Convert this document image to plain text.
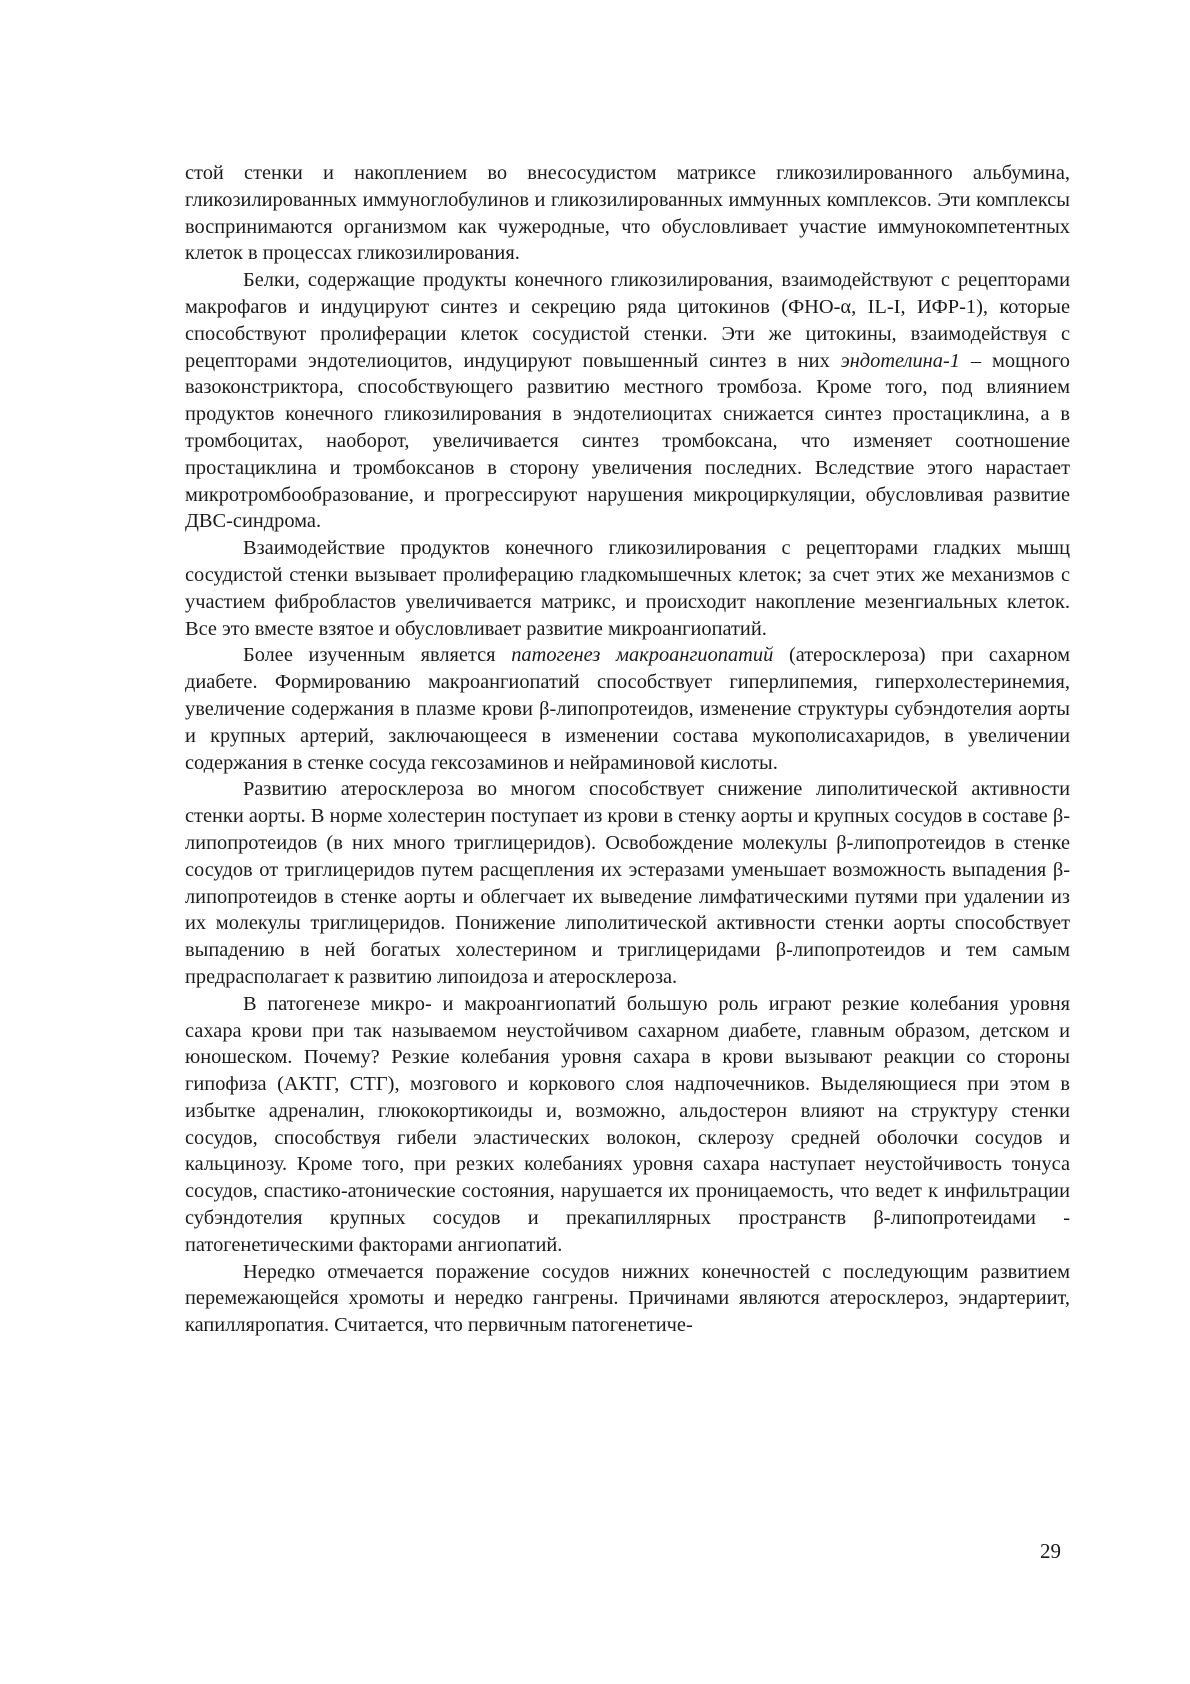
стой стенки и накоплением во внесосудистом матриксе гликозилированного альбумина, гликозилированных иммуноглобулинов и гликозилированных иммунных комплексов. Эти комплексы воспринимаются организмом как чужеродные, что обусловливает участие иммунокомпетентных клеток в процессах гликозилирования.

Белки, содержащие продукты конечного гликозилирования, взаимодействуют с рецепторами макрофагов и индуцируют синтез и секрецию ряда цитокинов (ФНО-α, IL-I, ИФР-1), которые способствуют пролиферации клеток сосудистой стенки. Эти же цитокины, взаимодействуя с рецепторами эндотелиоцитов, индуцируют повышенный синтез в них эндотелина-1 – мощного вазоконстриктора, способствующего развитию местного тромбоза. Кроме того, под влиянием продуктов конечного гликозилирования в эндотелиоцитах снижается синтез простациклина, а в тромбоцитах, наоборот, увеличивается синтез тромбоксана, что изменяет соотношение простациклина и тромбоксанов в сторону увеличения последних. Вследствие этого нарастает микротромбообразование, и прогрессируют нарушения микроциркуляции, обусловливая развитие ДВС-синдрома.

Взаимодействие продуктов конечного гликозилирования с рецепторами гладких мышц сосудистой стенки вызывает пролиферацию гладкомышечных клеток; за счет этих же механизмов с участием фибробластов увеличивается матрикс, и происходит накопление мезенгиальных клеток. Все это вместе взятое и обусловливает развитие микроангиопатий.

Более изученным является патогенез макроангиопатий (атеросклероза) при сахарном диабете. Формированию макроангиопатий способствует гиперлипемия, гиперхолестеринемия, увеличение содержания в плазме крови β-липопротеидов, изменение структуры субэндотелия аорты и крупных артерий, заключающееся в изменении состава мукополисахаридов, в увеличении содержания в стенке сосуда гексозаминов и нейраминовой кислоты.

Развитию атеросклероза во многом способствует снижение липолитической активности стенки аорты. В норме холестерин поступает из крови в стенку аорты и крупных сосудов в составе β-липопротеидов (в них много триглицеридов). Освобождение молекулы β-липопротеидов в стенке сосудов от триглицеридов путем расщепления их эстеразами уменьшает возможность выпадения β-липопротеидов в стенке аорты и облегчает их выведение лимфатическими путями при удалении из их молекулы триглицеридов. Понижение липолитической активности стенки аорты способствует выпадению в ней богатых холестерином и триглицеридами β-липопротеидов и тем самым предрасполагает к развитию липоидоза и атеросклероза.

В патогенезе микро- и макроангиопатий большую роль играют резкие колебания уровня сахара крови при так называемом неустойчивом сахарном диабете, главным образом, детском и юношеском. Почему? Резкие колебания уровня сахара в крови вызывают реакции со стороны гипофиза (АКТГ, СТГ), мозгового и коркового слоя надпочечников. Выделяющиеся при этом в избытке адреналин, глюкокортикоиды и, возможно, альдостерон влияют на структуру стенки сосудов, способствуя гибели эластических волокон, склерозу средней оболочки сосудов и кальцинозу. Кроме того, при резких колебаниях уровня сахара наступает неустойчивость тонуса сосудов, спастико-атонические состояния, нарушается их проницаемость, что ведет к инфильтрации субэндотелия крупных сосудов и прекапиллярных пространств β-липопротеидами - патогенетическими факторами ангиопатий.

Нередко отмечается поражение сосудов нижних конечностей с последующим развитием перемежающейся хромоты и нередко гангрены. Причинами являются атеросклероз, эндартериит, капилляропатия. Считается, что первичным патогенетиче-

29
